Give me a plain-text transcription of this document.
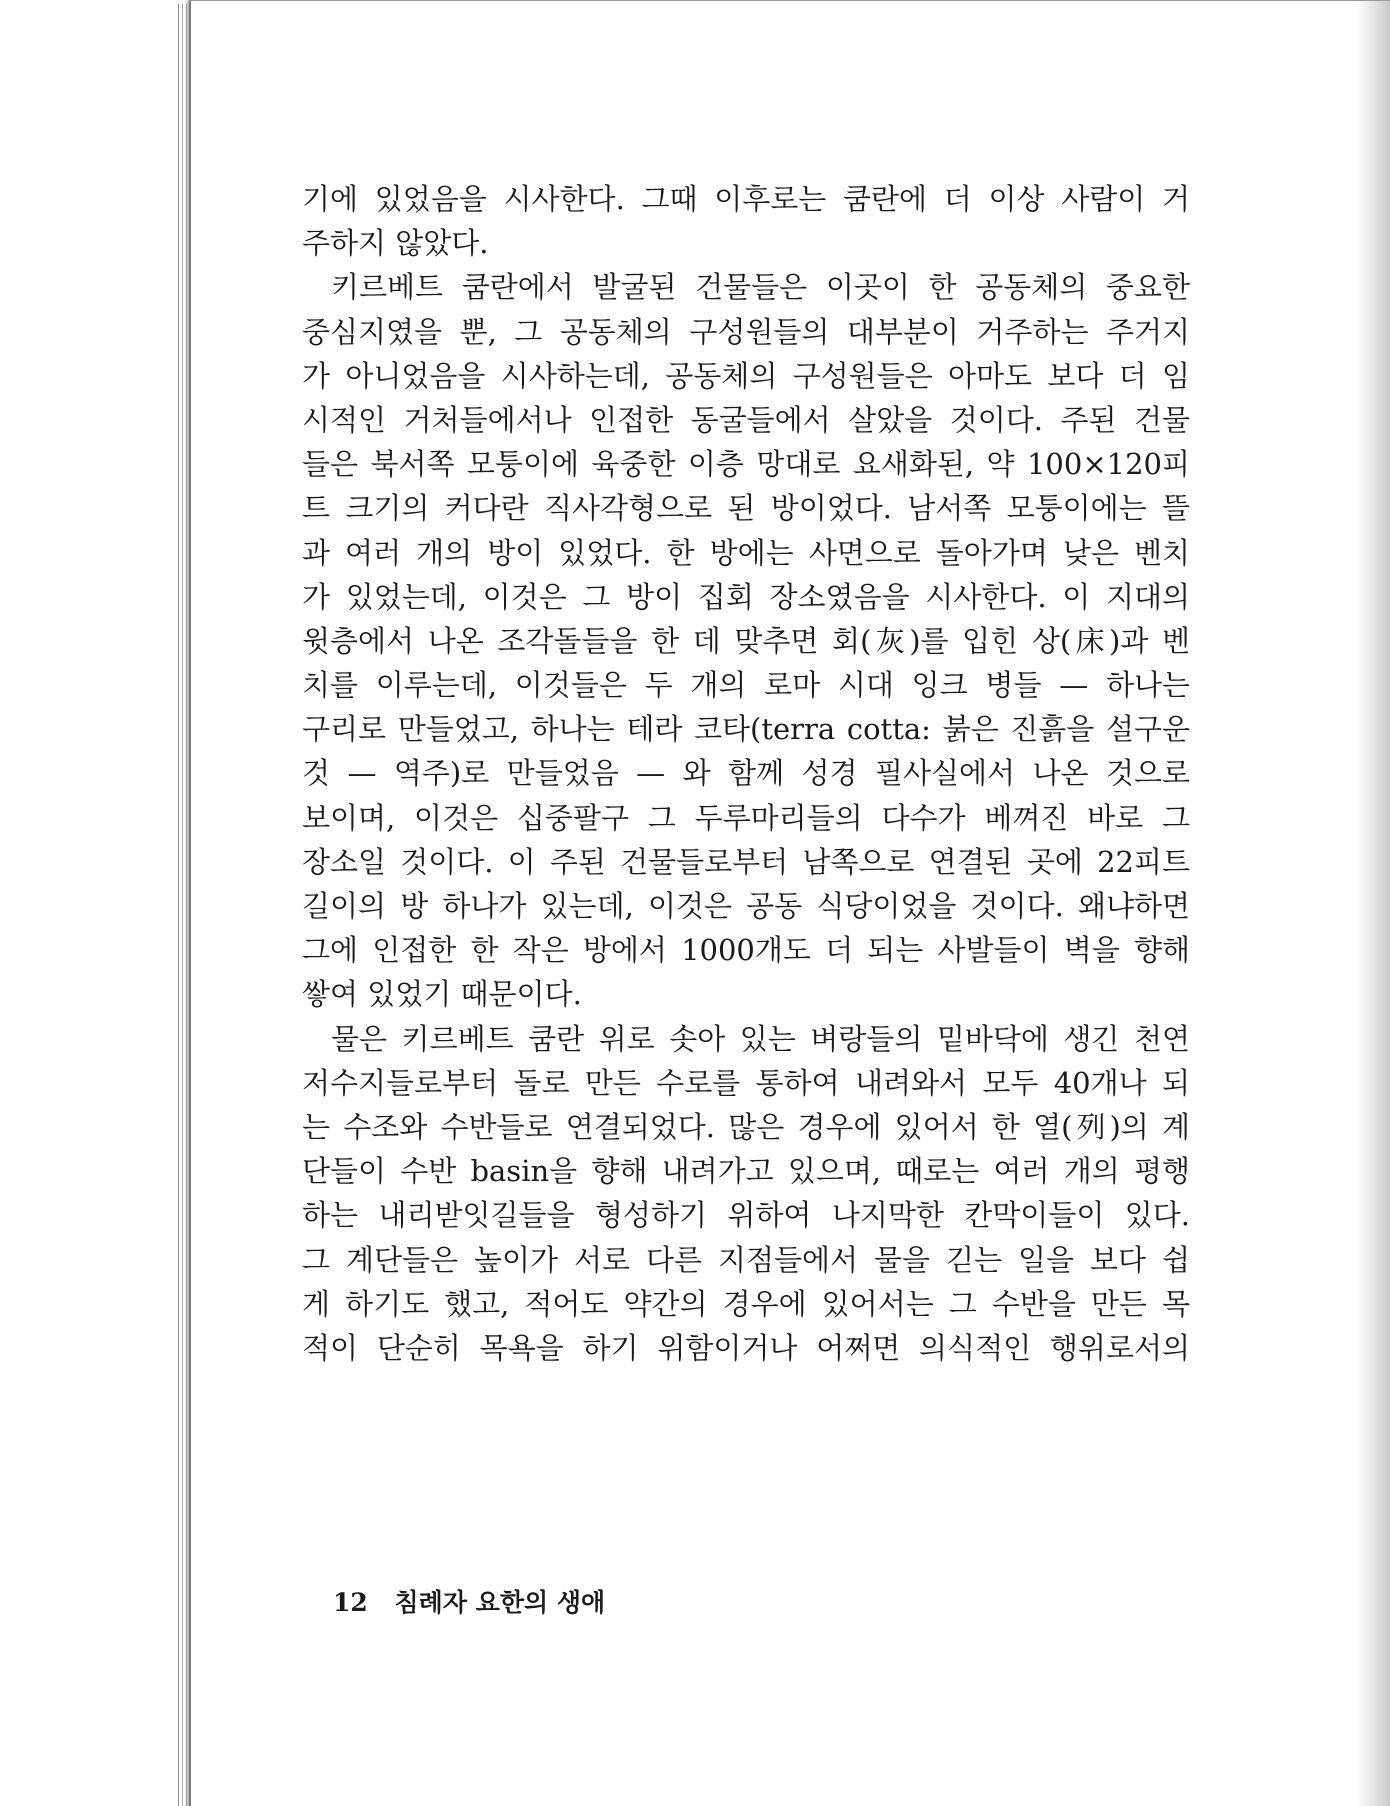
기에 있었음을 시사한다. 그때 이후로는 쿰란에 더 이상 사람이 거
주하지 않았다.
키르베트 쿰란에서 발굴된 건물들은 이곳이 한 공동체의 중요한
중심지였을 뿐, 그 공동체의 구성원들의 대부분이 거주하는 주거지
가 아니었음을 시사하는데, 공동체의 구성원들은 아마도 보다 더 임
시적인 거처들에서나 인접한 동굴들에서 살았을 것이다. 주된 건물
들은 북서쪽 모퉁이에 육중한 이층 망대로 요새화된, 약 100×120피
트 크기의 커다란 직사각형으로 된 방이었다. 남서쪽 모퉁이에는 뜰
과 여러 개의 방이 있었다. 한 방에는 사면으로 돌아가며 낮은 벤치
가 있었는데, 이것은 그 방이 집회 장소였음을 시사한다. 이 지대의
윗층에서 나온 조각돌들을 한 데 맞추면 회(灰)를 입힌 상(床)과 벤
치를 이루는데, 이것들은 두 개의 로마 시대 잉크 병들 — 하나는
구리로 만들었고, 하나는 테라 코타(terra cotta: 붉은 진흙을 설구운
것 — 역주)로 만들었음 — 와 함께 성경 필사실에서 나온 것으로
보이며, 이것은 십중팔구 그 두루마리들의 다수가 베껴진 바로 그
장소일 것이다. 이 주된 건물들로부터 남쪽으로 연결된 곳에 22피트
길이의 방 하나가 있는데, 이것은 공동 식당이었을 것이다. 왜냐하면
그에 인접한 한 작은 방에서 1000개도 더 되는 사발들이 벽을 향해
쌓여 있었기 때문이다.
물은 키르베트 쿰란 위로 솟아 있는 벼랑들의 밑바닥에 생긴 천연
저수지들로부터 돌로 만든 수로를 통하여 내려와서 모두 40개나 되
는 수조와 수반들로 연결되었다. 많은 경우에 있어서 한 열(列)의 계
단들이 수반 basin을 향해 내려가고 있으며, 때로는 여러 개의 평행
하는 내리받잇길들을 형성하기 위하여 나지막한 칸막이들이 있다.
그 계단들은 높이가 서로 다른 지점들에서 물을 긷는 일을 보다 쉽
게 하기도 했고, 적어도 약간의 경우에 있어서는 그 수반을 만든 목
적이 단순히 목욕을 하기 위함이거나 어쩌면 의식적인 행위로서의
12 침례자 요한의 생애
